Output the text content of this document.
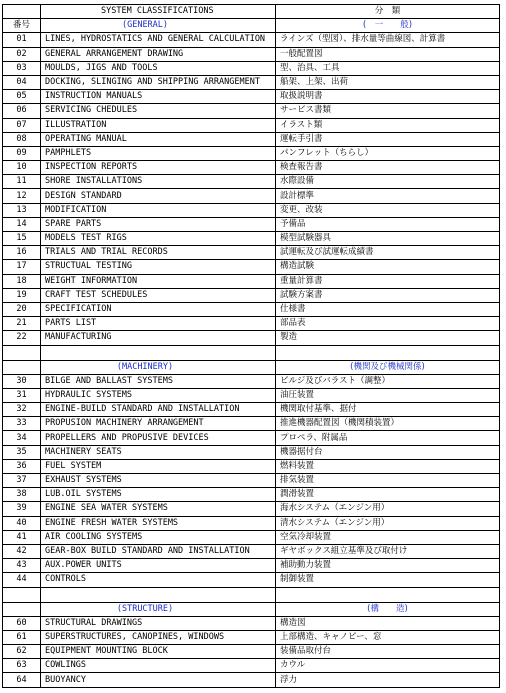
	SYSTEM CLASSIFICATIONS	分　類
番号	(GENERAL)	(　一　　般)
01	LINES, HYDROSTATICS AND GENERAL CALCULATION	ラインズ（型図）、排水量等曲線図、計算書
02	GENERAL ARRANGEMENT DRAWING	一般配置図
03	MOULDS, JIGS AND TOOLS	型、治具、工具
04	DOCKING, SLINGING AND SHIPPING ARRANGEMENT	船架、上架、出荷
05	INSTRUCTION MANUALS	取扱説明書
06	SERVICING CHEDULES	サービス書類
07	ILLUSTRATION	イラスト類
08	OPERATING MANUAL	運転手引書
09	PAMPHLETS	パンフレット（ちらし）
10	INSPECTION REPORTS	検査報告書
11	SHORE INSTALLATIONS	水際設備
12	DESIGN STANDARD	設計標準
13	MODIFICATION	変更、改装
14	SPARE PARTS	予備品
15	MODELS TEST RIGS	模型試験器具
16	TRIALS AND TRIAL RECORDS	試運転及び試運転成績書
17	STRUCTUAL TESTING	構造試験
18	WEIGHT INFORMATION	重量計算書
19	CRAFT TEST SCHEDULES	試験方案書
20	SPECIFICATION	仕様書
21	PARTS LIST	部品表
22	MANUFACTURING	製造

	(MACHINERY)	(機関及び機械関係)
30	BILGE AND BALLAST SYSTEMS	ビルジ及びバラスト（調整）
31	HYDRAULIC SYSTEMS	油圧装置
32	ENGINE-BUILD STANDARD AND INSTALLATION	機関取付基準、据付
33	PROPUSION MACHINERY ARRANGEMENT	推進機器配置図（機関積装置）
34	PROPELLERS AND PROPUSIVE DEVICES	プロペラ、附属品
35	MACHINERY SEATS	機器据付台
36	FUEL SYSTEM	燃料装置
37	EXHAUST SYSTEMS	排気装置
38	LUB.OIL SYSTEMS	潤滑装置
39	ENGINE SEA WATER SYSTEMS	海水システム（エンジン用）
40	ENGINE FRESH WATER SYSTEMS	清水システム（エンジン用）
41	AIR COOLING SYSTEMS	空気冷却装置
42	GEAR-BOX BUILD STANDARD AND INSTALLATION	ギヤボックス組立基準及び取付け
43	AUX.POWER UNITS	補助動力装置
44	CONTROLS	制御装置

	(STRUCTURE)	(構　　造)
60	STRUCTURAL DRAWINGS	構造図
61	SUPERSTRUCTURES, CANOPINES, WINDOWS	上部構造、キャノピー、窓
62	EQUIPMENT MOUNTING BLOCK	装備品取付台
63	COWLINGS	カウル
64	BUOYANCY	浮力
